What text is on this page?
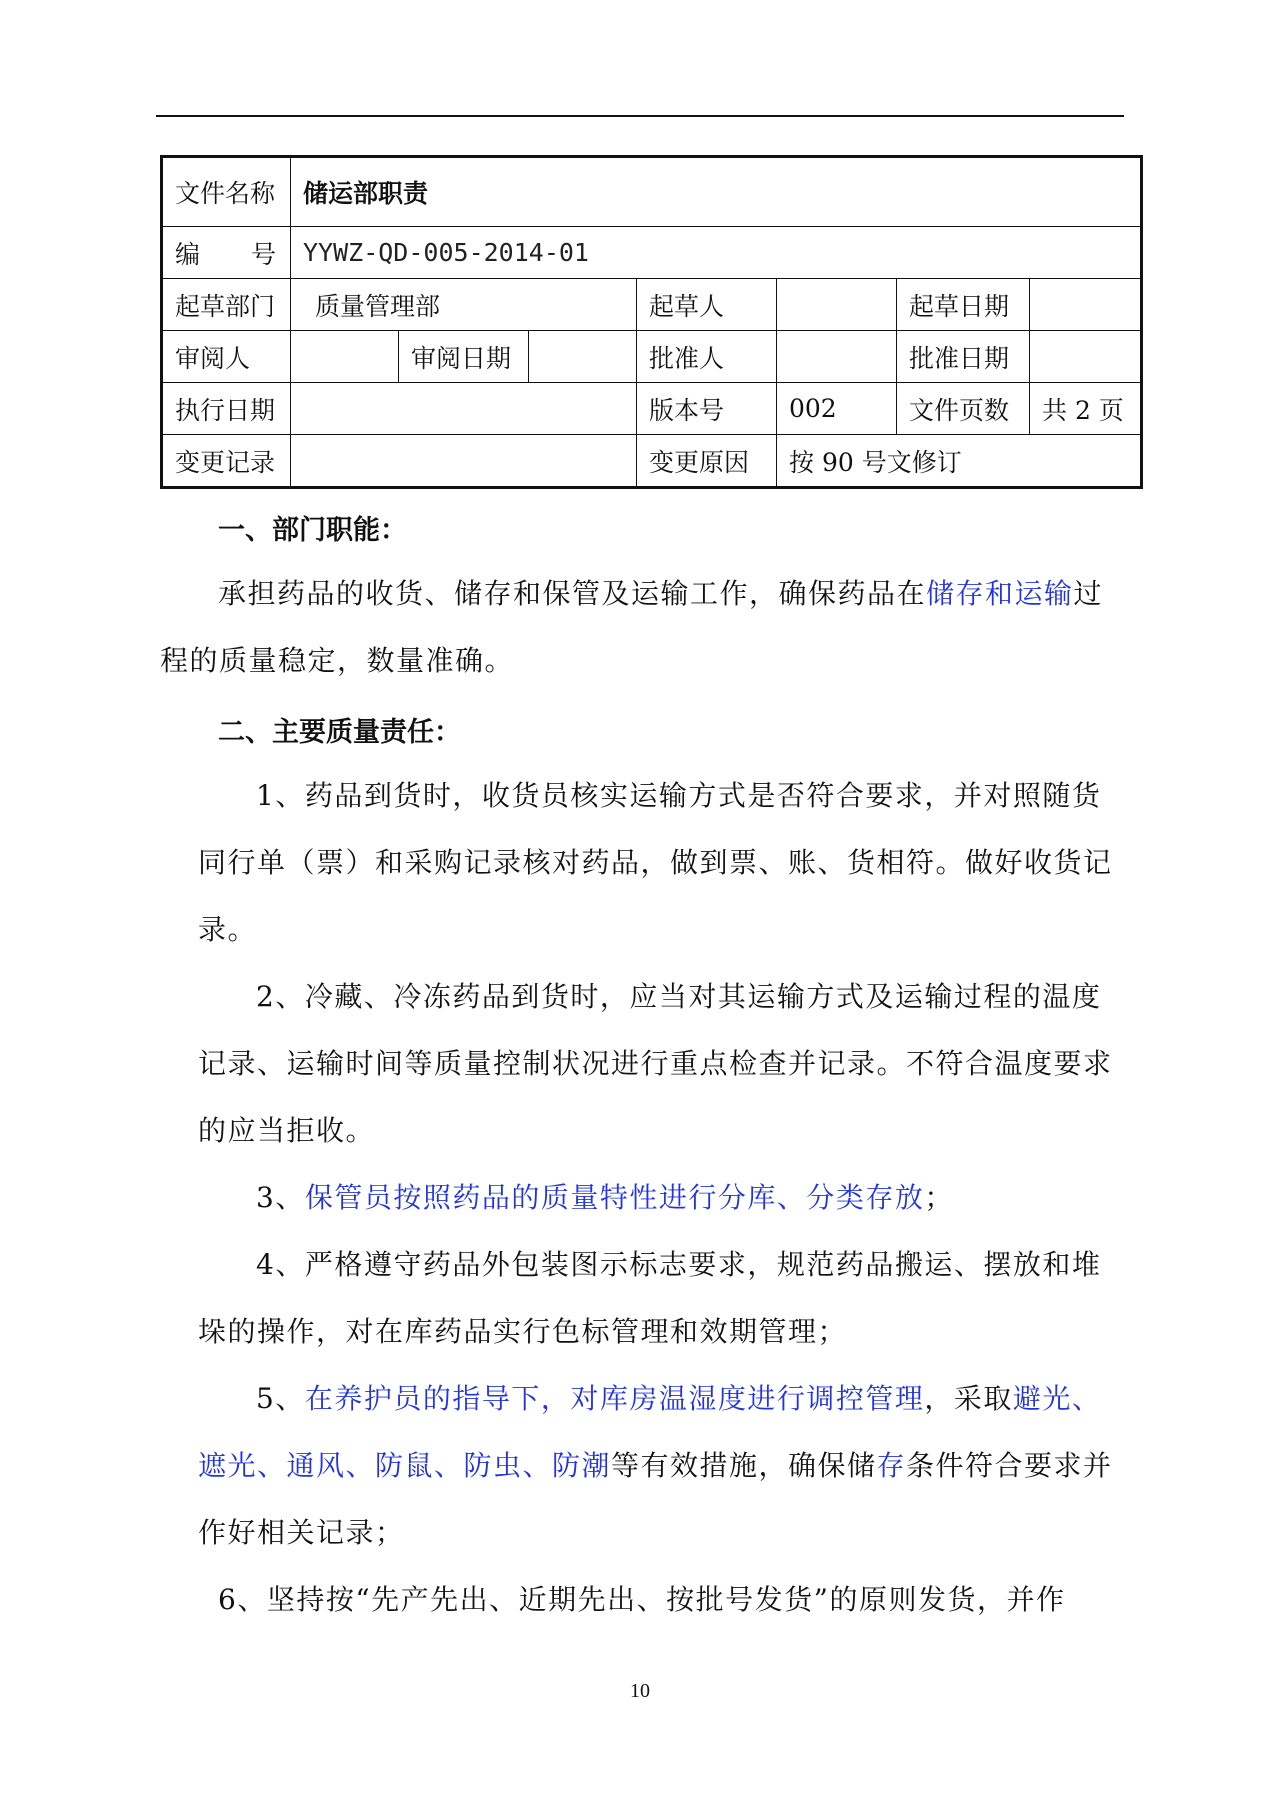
文件名称	储运部职责						

编 号	YYWZ-QD-005-2014-01						
起草部门	质量管理部			起草人		起草日期	
审阅人		审阅日期		批准人		批准日期	
执行日期				版本号	002	文件页数	共 2 页
变更记录				变更原因	按 90 号文修订		
一、部门职能：
承担药品的收货、储存和保管及运输工作，确保药品在储存和运输过
程的质量稳定，数量准确。
二、主要质量责任：
1、药品到货时，收货员核实运输方式是否符合要求，并对照随货
同行单（票）和采购记录核对药品，做到票、账、货相符。做好收货记
录。
2、冷藏、冷冻药品到货时，应当对其运输方式及运输过程的温度
记录、运输时间等质量控制状况进行重点检查并记录。不符合温度要求
的应当拒收。
3、保管员按照药品的质量特性进行分库、分类存放；
4、严格遵守药品外包装图示标志要求，规范药品搬运、摆放和堆
垛的操作，对在库药品实行色标管理和效期管理；
5、在养护员的指导下，对库房温湿度进行调控管理，采取避光、
遮光、通风、防鼠、防虫、防潮等有效措施，确保储存条件符合要求并
作好相关记录；
6、坚持按“先产先出、近期先出、按批号发货”的原则发货，并作
10
